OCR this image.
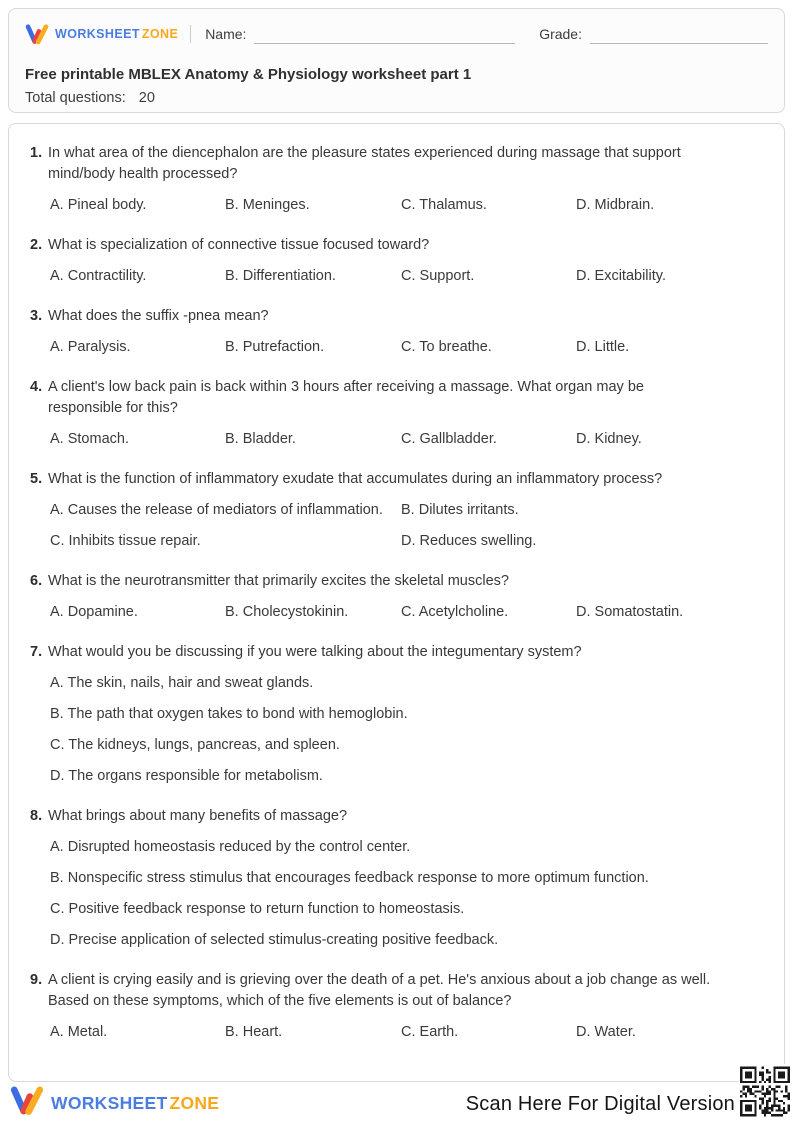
WORKSHEET ZONE Name:	Grade:
Free printable MBLEX Anatomy & Physiology worksheet part 1
Total questions: 20
1. In what area of the diencephalon are the pleasure states experienced during massage that support mind/body health processed?
A. Pineal body.	B. Meninges.	C. Thalamus.	D. Midbrain.
2. What is specialization of connective tissue focused toward?
A. Contractility.	B. Differentiation.	C. Support.	D. Excitability.
3. What does the suffix -pnea mean?
A. Paralysis.	B. Putrefaction.	C. To breathe.	D. Little.
4. A client's low back pain is back within 3 hours after receiving a massage. What organ may be responsible for this?
A. Stomach.	B. Bladder.	C. Gallbladder.	D. Kidney.
5. What is the function of inflammatory exudate that accumulates during an inflammatory process?
A. Causes the release of mediators of inflammation.	B. Dilutes irritants.
C. Inhibits tissue repair.	D. Reduces swelling.
6. What is the neurotransmitter that primarily excites the skeletal muscles?
A. Dopamine.	B. Cholecystokinin.	C. Acetylcholine.	D. Somatostatin.
7. What would you be discussing if you were talking about the integumentary system?
A. The skin, nails, hair and sweat glands.
B. The path that oxygen takes to bond with hemoglobin.
C. The kidneys, lungs, pancreas, and spleen.
D. The organs responsible for metabolism.
8. What brings about many benefits of massage?
A. Disrupted homeostasis reduced by the control center.
B. Nonspecific stress stimulus that encourages feedback response to more optimum function.
C. Positive feedback response to return function to homeostasis.
D. Precise application of selected stimulus-creating positive feedback.
9. A client is crying easily and is grieving over the death of a pet. He's anxious about a job change as well. Based on these symptoms, which of the five elements is out of balance?
A. Metal.	B. Heart.	C. Earth.	D. Water.
WORKSHEET ZONE	Scan Here For Digital Version
